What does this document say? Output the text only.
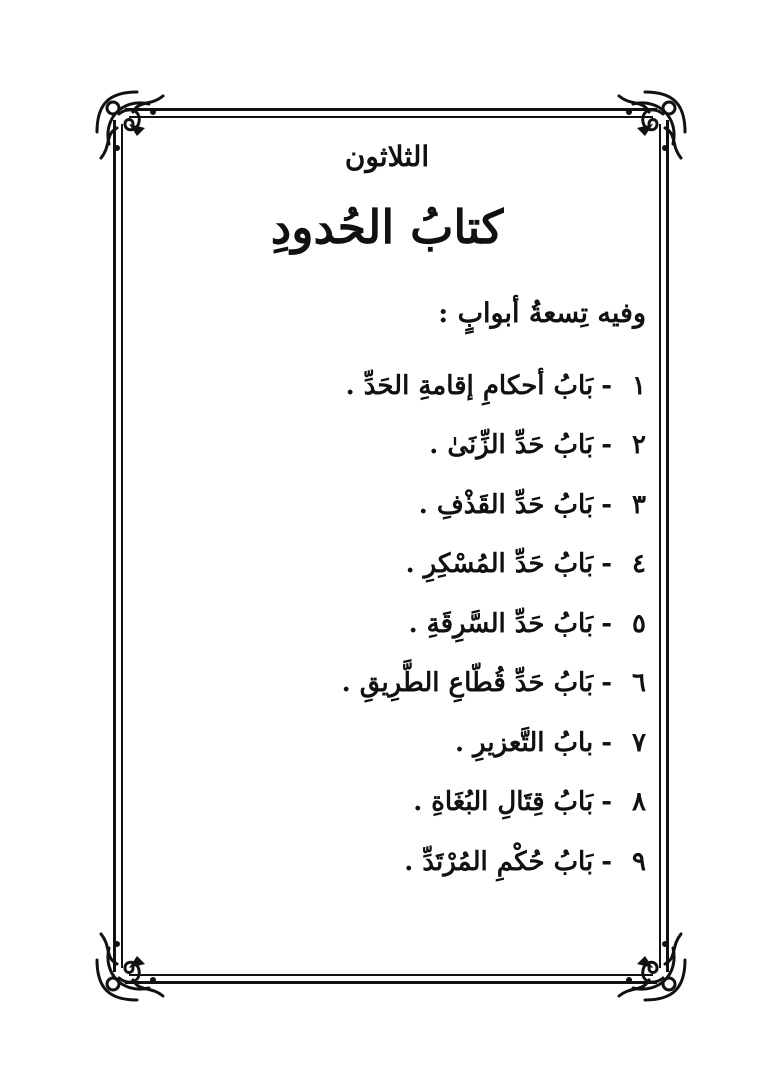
الثلاثون
كتابُ الحُدودِ
وفيه تِسعةُ أبوابٍ :
١
-
بَابُ أحكامِ إقامةِ الحَدِّ .
٢
-
بَابُ حَدِّ الزِّنَىٰ .
٣
-
بَابُ حَدِّ القَذْفِ .
٤
-
بَابُ حَدِّ المُسْكِرِ .
٥
-
بَابُ حَدِّ السَّرِقَةِ .
٦
-
بَابُ حَدِّ قُطّاعِ الطَّرِيقِ .
٧
-
بابُ التَّعزيرِ .
٨
-
بَابُ قِتَالِ البُغَاةِ .
٩
-
بَابُ حُكْمِ المُرْتَدِّ .
